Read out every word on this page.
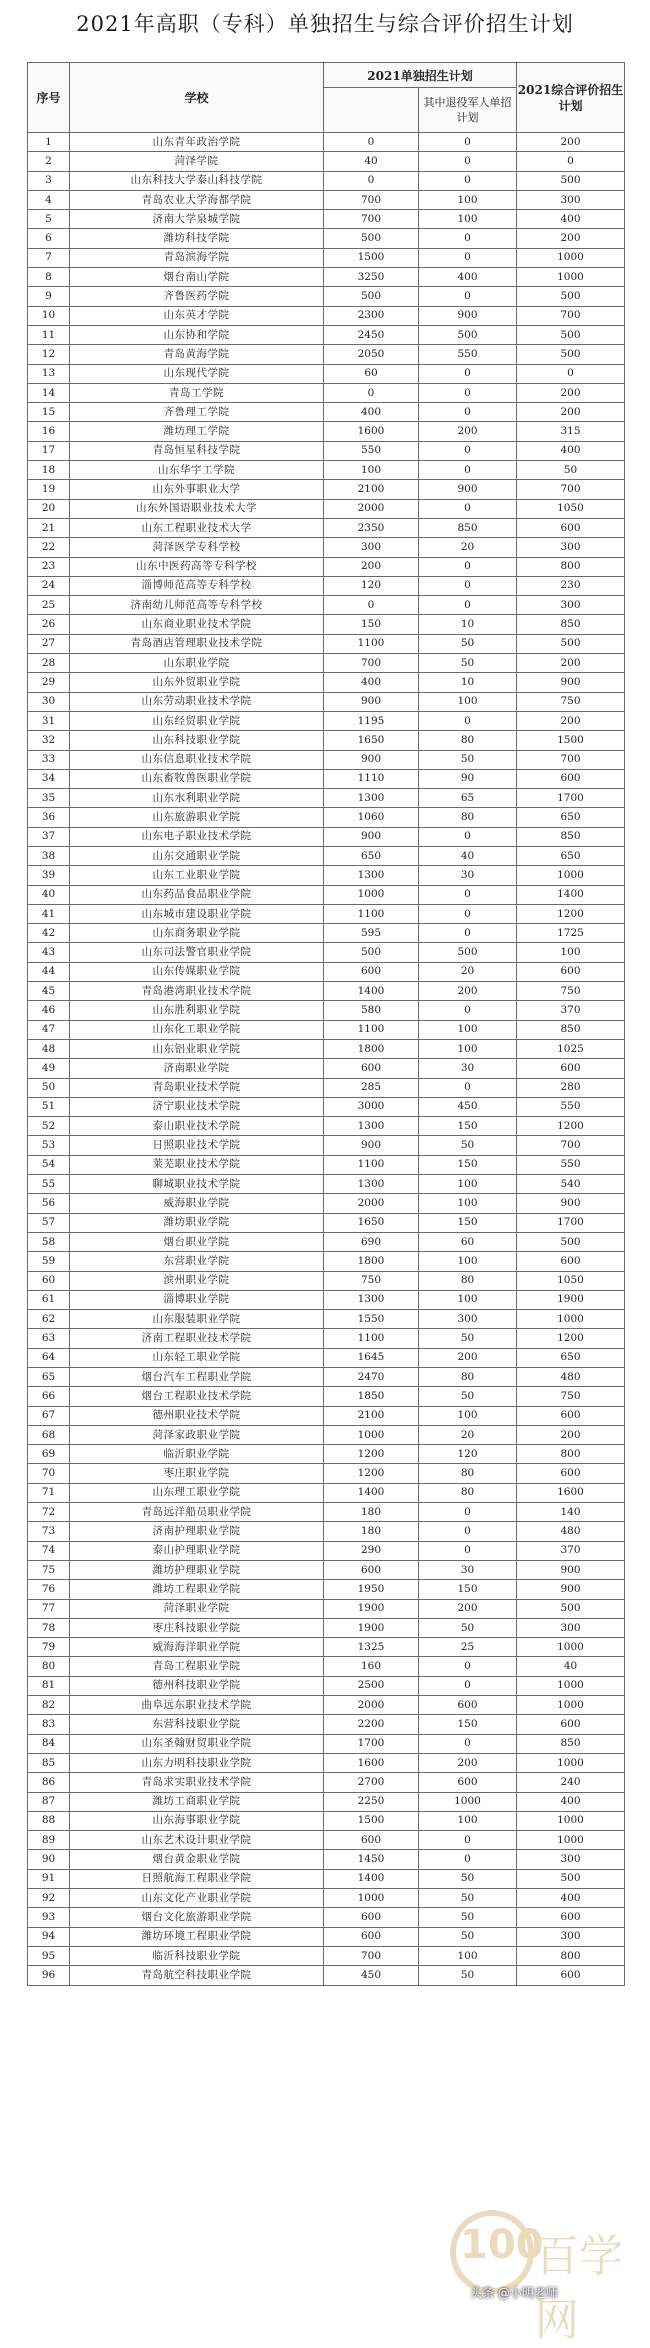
2021年高职（专科）单独招生与综合评价招生计划
序号	学校	2021单独招生计划		2021综合评价招生计划
			其中退役军人单招计划	
1	山东青年政治学院	0	0	200
2	菏泽学院	40	0	0
3	山东科技大学泰山科技学院	0	0	500
4	青岛农业大学海都学院	700	100	300
5	济南大学泉城学院	700	100	400
6	潍坊科技学院	500	0	200
7	青岛滨海学院	1500	0	1000
8	烟台南山学院	3250	400	1000
9	齐鲁医药学院	500	0	500
10	山东英才学院	2300	900	700
11	山东协和学院	2450	500	500
12	青岛黄海学院	2050	550	500
13	山东现代学院	60	0	0
14	青岛工学院	0	0	200
15	齐鲁理工学院	400	0	200
16	潍坊理工学院	1600	200	315
17	青岛恒星科技学院	550	0	400
18	山东华宇工学院	100	0	50
19	山东外事职业大学	2100	900	700
20	山东外国语职业技术大学	2000	0	1050
21	山东工程职业技术大学	2350	850	600
22	菏泽医学专科学校	300	20	300
23	山东中医药高等专科学校	200	0	800
24	淄博师范高等专科学校	120	0	230
25	济南幼儿师范高等专科学校	0	0	300
26	山东商业职业技术学院	150	10	850
27	青岛酒店管理职业技术学院	1100	50	500
28	山东职业学院	700	50	200
29	山东外贸职业学院	400	10	900
30	山东劳动职业技术学院	900	100	750
31	山东经贸职业学院	1195	0	200
32	山东科技职业学院	1650	80	1500
33	山东信息职业技术学院	900	50	700
34	山东畜牧兽医职业学院	1110	90	600
35	山东水利职业学院	1300	65	1700
36	山东旅游职业学院	1060	80	650
37	山东电子职业技术学院	900	0	850
38	山东交通职业学院	650	40	650
39	山东工业职业学院	1300	30	1000
40	山东药品食品职业学院	1000	0	1400
41	山东城市建设职业学院	1100	0	1200
42	山东商务职业学院	595	0	1725
43	山东司法警官职业学院	500	500	100
44	山东传媒职业学院	600	20	600
45	青岛港湾职业技术学院	1400	200	750
46	山东胜利职业学院	580	0	370
47	山东化工职业学院	1100	100	850
48	山东铝业职业学院	1800	100	1025
49	济南职业学院	600	30	600
50	青岛职业技术学院	285	0	280
51	济宁职业技术学院	3000	450	550
52	泰山职业技术学院	1300	150	1200
53	日照职业技术学院	900	50	700
54	莱芜职业技术学院	1100	150	550
55	聊城职业技术学院	1300	100	540
56	威海职业学院	2000	100	900
57	潍坊职业学院	1650	150	1700
58	烟台职业学院	690	60	500
59	东营职业学院	1800	100	600
60	滨州职业学院	750	80	1050
61	淄博职业学院	1300	100	1900
62	山东服装职业学院	1550	300	1000
63	济南工程职业技术学院	1100	50	1200
64	山东轻工职业学院	1645	200	650
65	烟台汽车工程职业学院	2470	80	480
66	烟台工程职业技术学院	1850	50	750
67	德州职业技术学院	2100	100	600
68	菏泽家政职业学院	1000	20	200
69	临沂职业学院	1200	120	800
70	枣庄职业学院	1200	80	600
71	山东理工职业学院	1400	80	1600
72	青岛远洋船员职业学院	180	0	140
73	济南护理职业学院	180	0	480
74	泰山护理职业学院	290	0	370
75	潍坊护理职业学院	600	30	900
76	潍坊工程职业学院	1950	150	900
77	菏泽职业学院	1900	200	500
78	枣庄科技职业学院	1900	50	300
79	威海海洋职业学院	1325	25	1000
80	青岛工程职业学院	160	0	40
81	德州科技职业学院	2500	0	1000
82	曲阜远东职业技术学院	2000	600	1000
83	东营科技职业学院	2200	150	600
84	山东圣翰财贸职业学院	1700	0	850
85	山东力明科技职业学院	1600	200	1000
86	青岛求实职业技术学院	2700	600	240
87	潍坊工商职业学院	2250	1000	400
88	山东海事职业学院	1500	100	1000
89	山东艺术设计职业学院	600	0	1000
90	烟台黄金职业学院	1450	0	300
91	日照航海工程职业学院	1400	50	500
92	山东文化产业职业学院	1000	50	400
93	烟台文化旅游职业学院	600	50	600
94	潍坊环境工程职业学院	600	50	300
95	临沂科技职业学院	700	100	800
96	青岛航空科技职业学院	450	50	600
100
百学网
头条 @小明老师
